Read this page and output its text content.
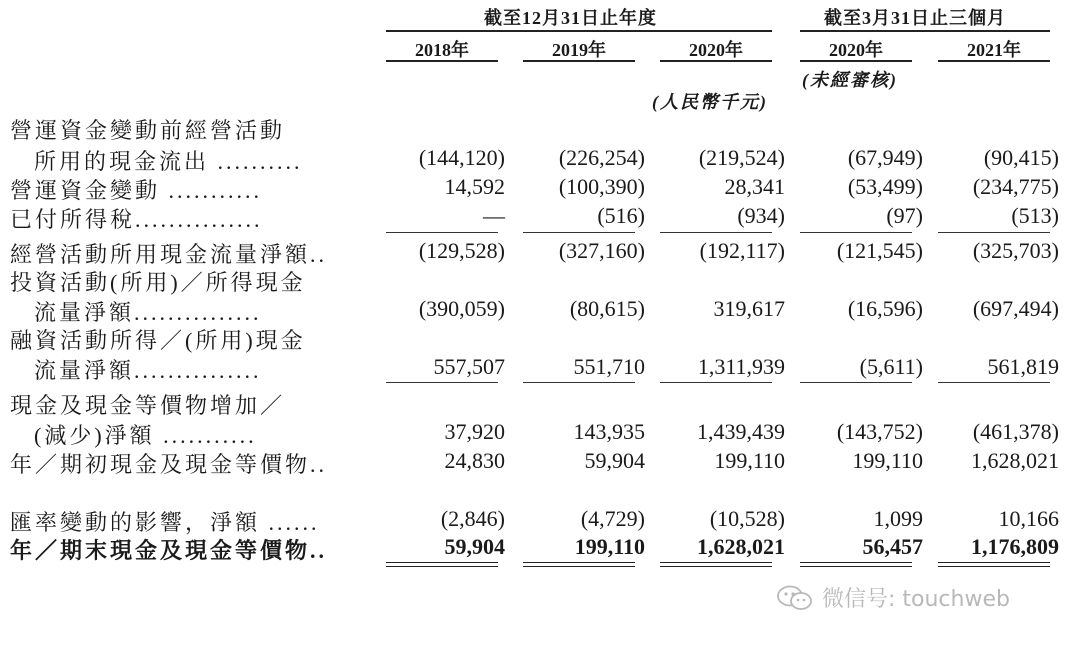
截至12月31日止年度	截至3月31日止三個月
2018年	2019年	2020年	2020年	2021年
(未經審核)
(人民幣千元)
營運資金變動前經營活動
所用的現金流出 ..........	(144,120)	(226,254)	(219,524)	(67,949)	(90,415)
營運資金變動 ...........	14,592	(100,390)	28,341	(53,499)	(234,775)
已付所得稅...............	—	(516)	(934)	(97)	(513)
經營活動所用現金流量淨額..	(129,528)	(327,160)	(192,117)	(121,545)	(325,703)
投資活動(所用)／所得現金
流量淨額...............	(390,059)	(80,615)	319,617	(16,596)	(697,494)
融資活動所得／(所用)現金
流量淨額...............	557,507	551,710	1,311,939	(5,611)	561,819
現金及現金等價物增加／
(減少)淨額 ...........	37,920	143,935	1,439,439	(143,752)	(461,378)
年／期初現金及現金等價物..	24,830	59,904	199,110	199,110	1,628,021
匯率變動的影響，淨額 ......	(2,846)	(4,729)	(10,528)	1,099	10,166
年／期末現金及現金等價物..	59,904	199,110	1,628,021	56,457	1,176,809
微信号: touchweb
